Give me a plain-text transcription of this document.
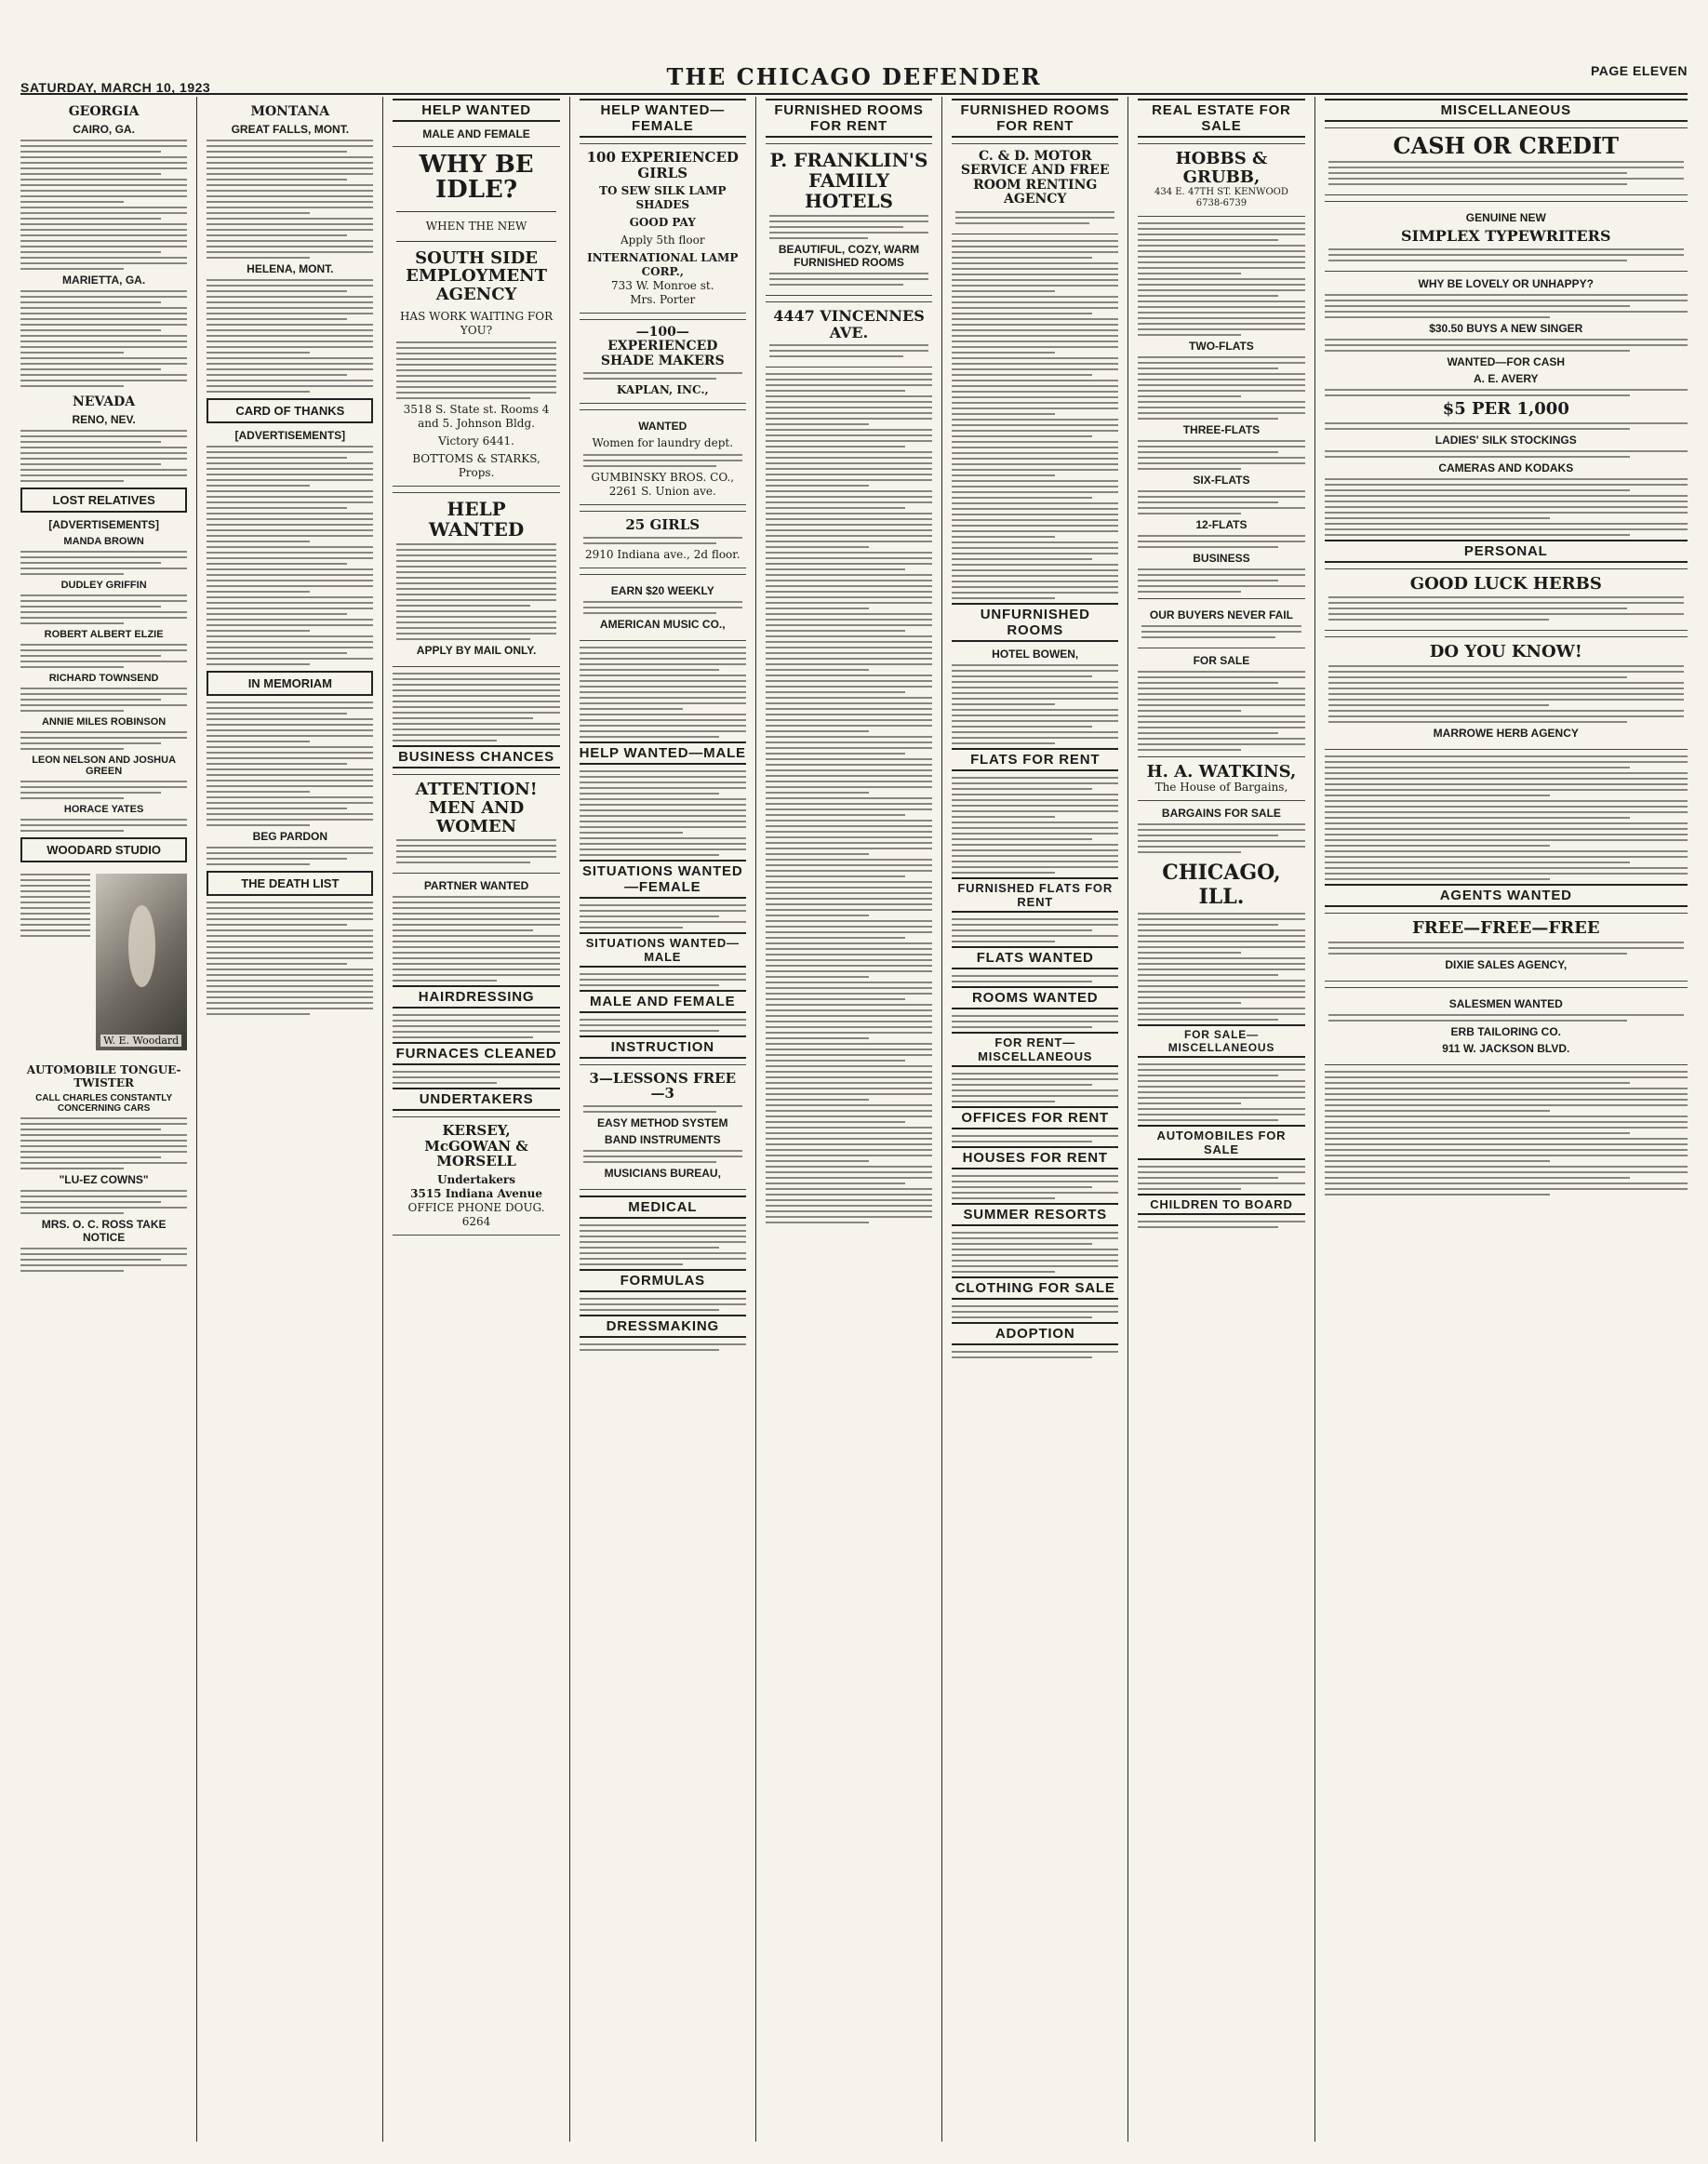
SATURDAY, MARCH 10, 1923	THE CHICAGO DEFENDER	PAGE ELEVEN
GEORGIA
CAIRO, GA.
MARIETTA, GA.
NEVADA
RENO, NEV.
LOST RELATIVES
[ADVERTISEMENTS]
MANDA BROWN
DUDLEY GRIFFIN
ROBERT ALBERT ELZIE
RICHARD TOWNSEND
ANNIE MILES ROBINSON
LEON NELSON AND JOSHUA GREEN
HORACE YATES
WOODARD STUDIO
W. E. Woodard
AUTOMOBILE TONGUE-TWISTER
CALL CHARLES CONSTANTLY CONCERNING CARS
"LU-EZ COWNS"
MRS. O. C. ROSS TAKE NOTICE
MONTANA
GREAT FALLS, MONT.
HELENA, MONT.
CARD OF THANKS
[ADVERTISEMENTS]
IN MEMORIAM
BEG PARDON
THE DEATH LIST
HELP WANTED
MALE AND FEMALE
WHY BE IDLE?
WHEN THE NEW
SOUTH SIDE EMPLOYMENT AGENCY
HAS WORK WAITING FOR YOU?
3518 S. State st. Rooms 4 and 5. Johnson Bldg.
Victory 6441.
BOTTOMS & STARKS, Props.
HELP WANTED
APPLY BY MAIL ONLY.
BUSINESS CHANCES
ATTENTION! MEN AND WOMEN
PARTNER WANTED
HAIRDRESSING
FURNACES CLEANED
UNDERTAKERS
KERSEY, McGOWAN & MORSELL
Undertakers
3515 Indiana Avenue
OFFICE PHONE DOUG. 6264
HELP WANTED—FEMALE
100 EXPERIENCED GIRLS
TO SEW SILK LAMP SHADES
GOOD PAY
Apply 5th floor
INTERNATIONAL LAMP CORP.,
733 W. Monroe st.
Mrs. Porter
—100— EXPERIENCED SHADE MAKERS
KAPLAN, INC.,
WANTED
Women for laundry dept.
GUMBINSKY BROS. CO., 2261 S. Union ave.
25 GIRLS
2910 Indiana ave., 2d floor.
EARN $20 WEEKLY
AMERICAN MUSIC CO.,
HELP WANTED—MALE
SITUATIONS WANTED—FEMALE
SITUATIONS WANTED—MALE
MALE AND FEMALE
INSTRUCTION
3—LESSONS FREE—3
EASY METHOD SYSTEM
BAND INSTRUMENTS
MUSICIANS BUREAU,
MEDICAL
FORMULAS
DRESSMAKING
FURNISHED ROOMS FOR RENT
P. FRANKLIN'S FAMILY HOTELS
BEAUTIFUL, COZY, WARM FURNISHED ROOMS
4447 VINCENNES AVE.
FURNISHED ROOMS FOR RENT
C. & D. MOTOR SERVICE AND FREE ROOM RENTING AGENCY
UNFURNISHED ROOMS
HOTEL BOWEN,
FLATS FOR RENT
FURNISHED FLATS FOR RENT
FLATS WANTED
ROOMS WANTED
FOR RENT—MISCELLANEOUS
OFFICES FOR RENT
HOUSES FOR RENT
SUMMER RESORTS
CLOTHING FOR SALE
ADOPTION
REAL ESTATE FOR SALE
HOBBS & GRUBB,
434 E. 47TH ST. KENWOOD 6738-6739
TWO-FLATS
THREE-FLATS
SIX-FLATS
12-FLATS
BUSINESS
OUR BUYERS NEVER FAIL
FOR SALE
H. A. WATKINS,
The House of Bargains,
BARGAINS FOR SALE
CHICAGO, ILL.
FOR SALE—MISCELLANEOUS
AUTOMOBILES FOR SALE
CHILDREN TO BOARD
MISCELLANEOUS
CASH OR CREDIT
GENUINE NEW
SIMPLEX TYPEWRITERS
WHY BE LOVELY OR UNHAPPY?
$30.50 BUYS A NEW SINGER
WANTED—FOR CASH
A. E. AVERY
$5 PER 1,000
LADIES' SILK STOCKINGS
CAMERAS AND KODAKS
PERSONAL
GOOD LUCK HERBS
DO YOU KNOW!
MARROWE HERB AGENCY
AGENTS WANTED
FREE—FREE—FREE
DIXIE SALES AGENCY,
SALESMEN WANTED
ERB TAILORING CO.
911 W. JACKSON BLVD.
